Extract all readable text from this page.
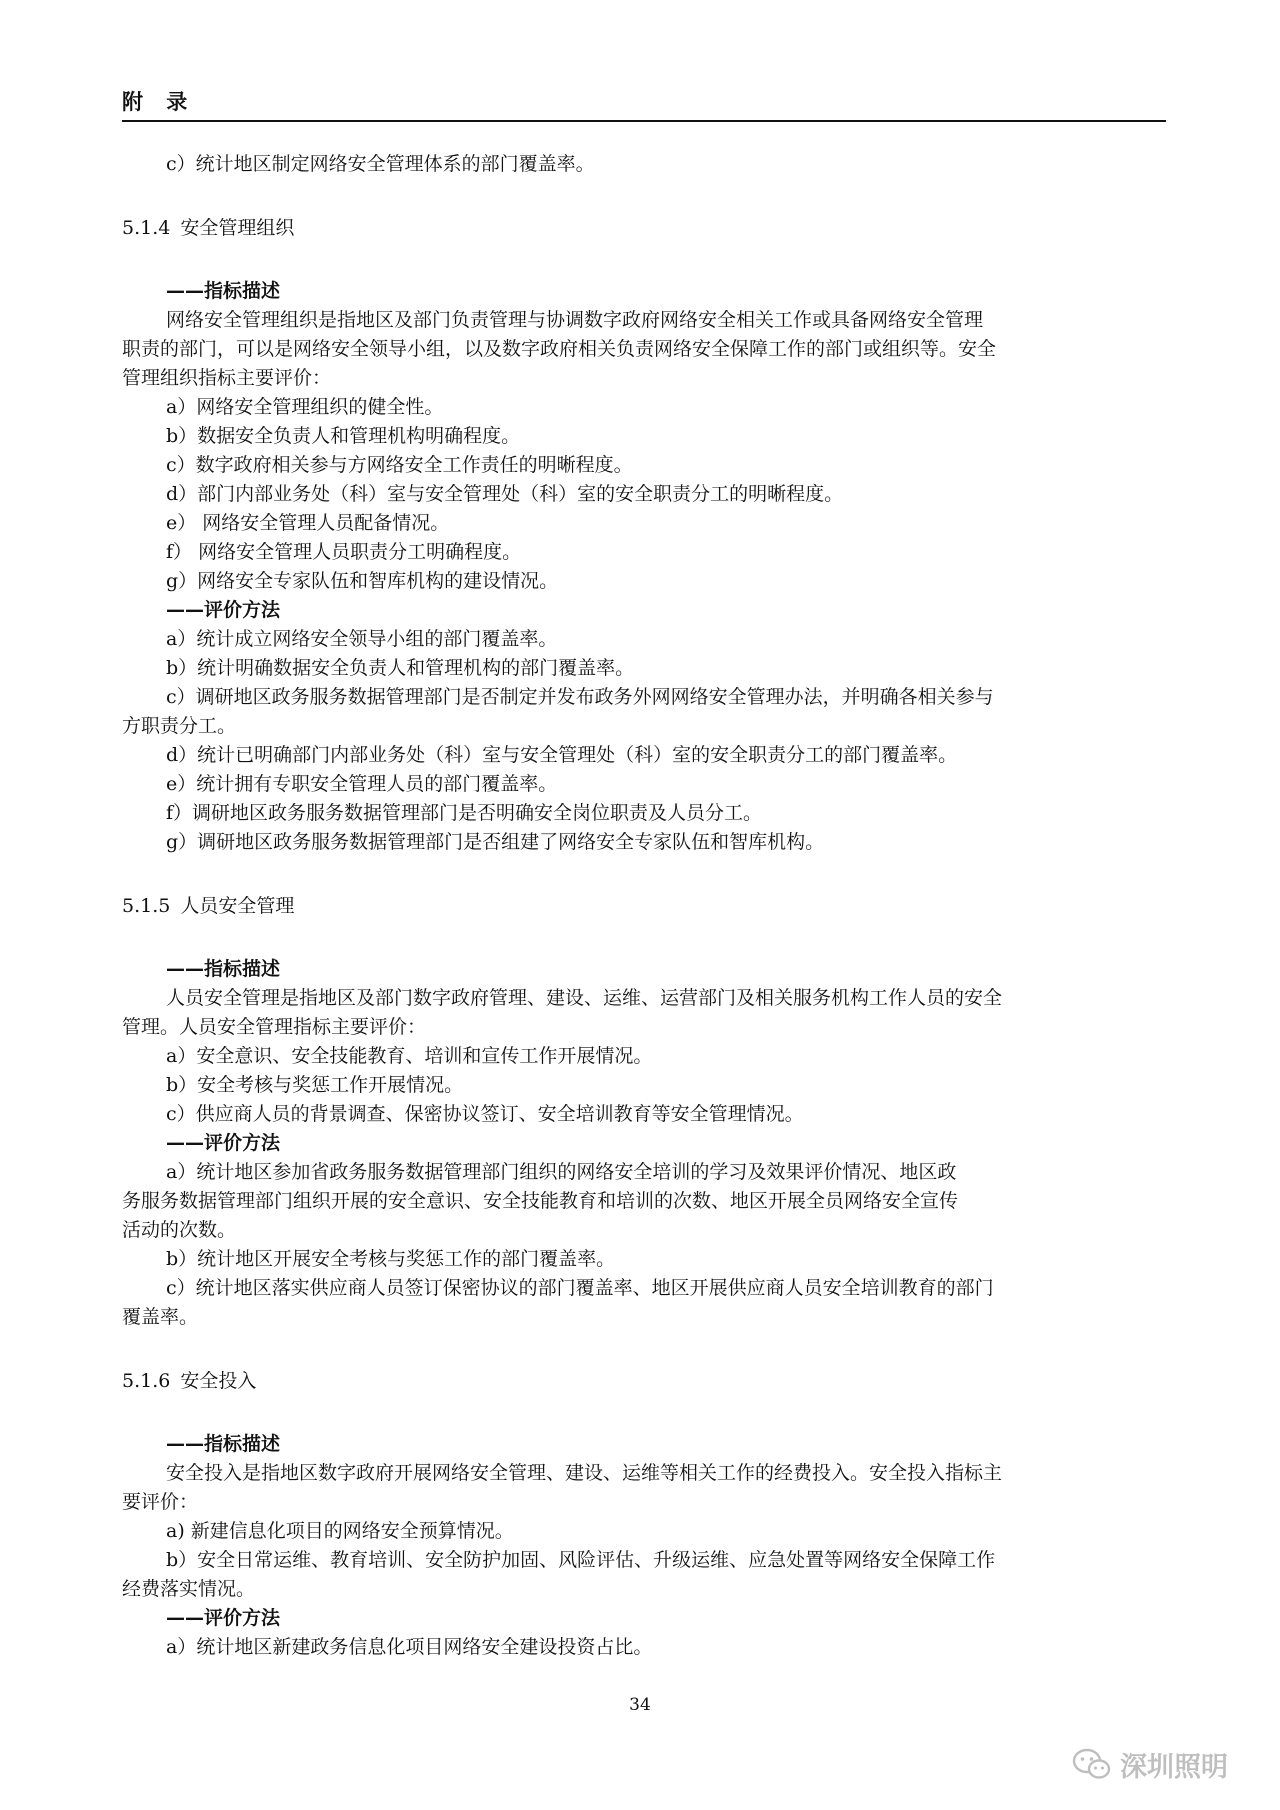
附 录
c）统计地区制定网络安全管理体系的部门覆盖率。
5.1.4 安全管理组织
——指标描述
网络安全管理组织是指地区及部门负责管理与协调数字政府网络安全相关工作或具备网络安全管理
职责的部门，可以是网络安全领导小组，以及数字政府相关负责网络安全保障工作的部门或组织等。安全
管理组织指标主要评价：
a）网络安全管理组织的健全性。
b）数据安全负责人和管理机构明确程度。
c）数字政府相关参与方网络安全工作责任的明晰程度。
d）部门内部业务处（科）室与安全管理处（科）室的安全职责分工的明晰程度。
e） 网络安全管理人员配备情况。
f） 网络安全管理人员职责分工明确程度。
g）网络安全专家队伍和智库机构的建设情况。
——评价方法
a）统计成立网络安全领导小组的部门覆盖率。
b）统计明确数据安全负责人和管理机构的部门覆盖率。
c）调研地区政务服务数据管理部门是否制定并发布政务外网网络安全管理办法，并明确各相关参与
方职责分工。
d）统计已明确部门内部业务处（科）室与安全管理处（科）室的安全职责分工的部门覆盖率。
e）统计拥有专职安全管理人员的部门覆盖率。
f）调研地区政务服务数据管理部门是否明确安全岗位职责及人员分工。
g）调研地区政务服务数据管理部门是否组建了网络安全专家队伍和智库机构。
5.1.5 人员安全管理
——指标描述
人员安全管理是指地区及部门数字政府管理、建设、运维、运营部门及相关服务机构工作人员的安全
管理。人员安全管理指标主要评价：
a）安全意识、安全技能教育、培训和宣传工作开展情况。
b）安全考核与奖惩工作开展情况。
c）供应商人员的背景调查、保密协议签订、安全培训教育等安全管理情况。
——评价方法
a）统计地区参加省政务服务数据管理部门组织的网络安全培训的学习及效果评价情况、地区政
务服务数据管理部门组织开展的安全意识、安全技能教育和培训的次数、地区开展全员网络安全宣传
活动的次数。
b）统计地区开展安全考核与奖惩工作的部门覆盖率。
c）统计地区落实供应商人员签订保密协议的部门覆盖率、地区开展供应商人员安全培训教育的部门
覆盖率。
5.1.6 安全投入
——指标描述
安全投入是指地区数字政府开展网络安全管理、建设、运维等相关工作的经费投入。安全投入指标主
要评价：
a) 新建信息化项目的网络安全预算情况。
b）安全日常运维、教育培训、安全防护加固、风险评估、升级运维、应急处置等网络安全保障工作
经费落实情况。
——评价方法
a）统计地区新建政务信息化项目网络安全建设投资占比。
34
深圳照明
